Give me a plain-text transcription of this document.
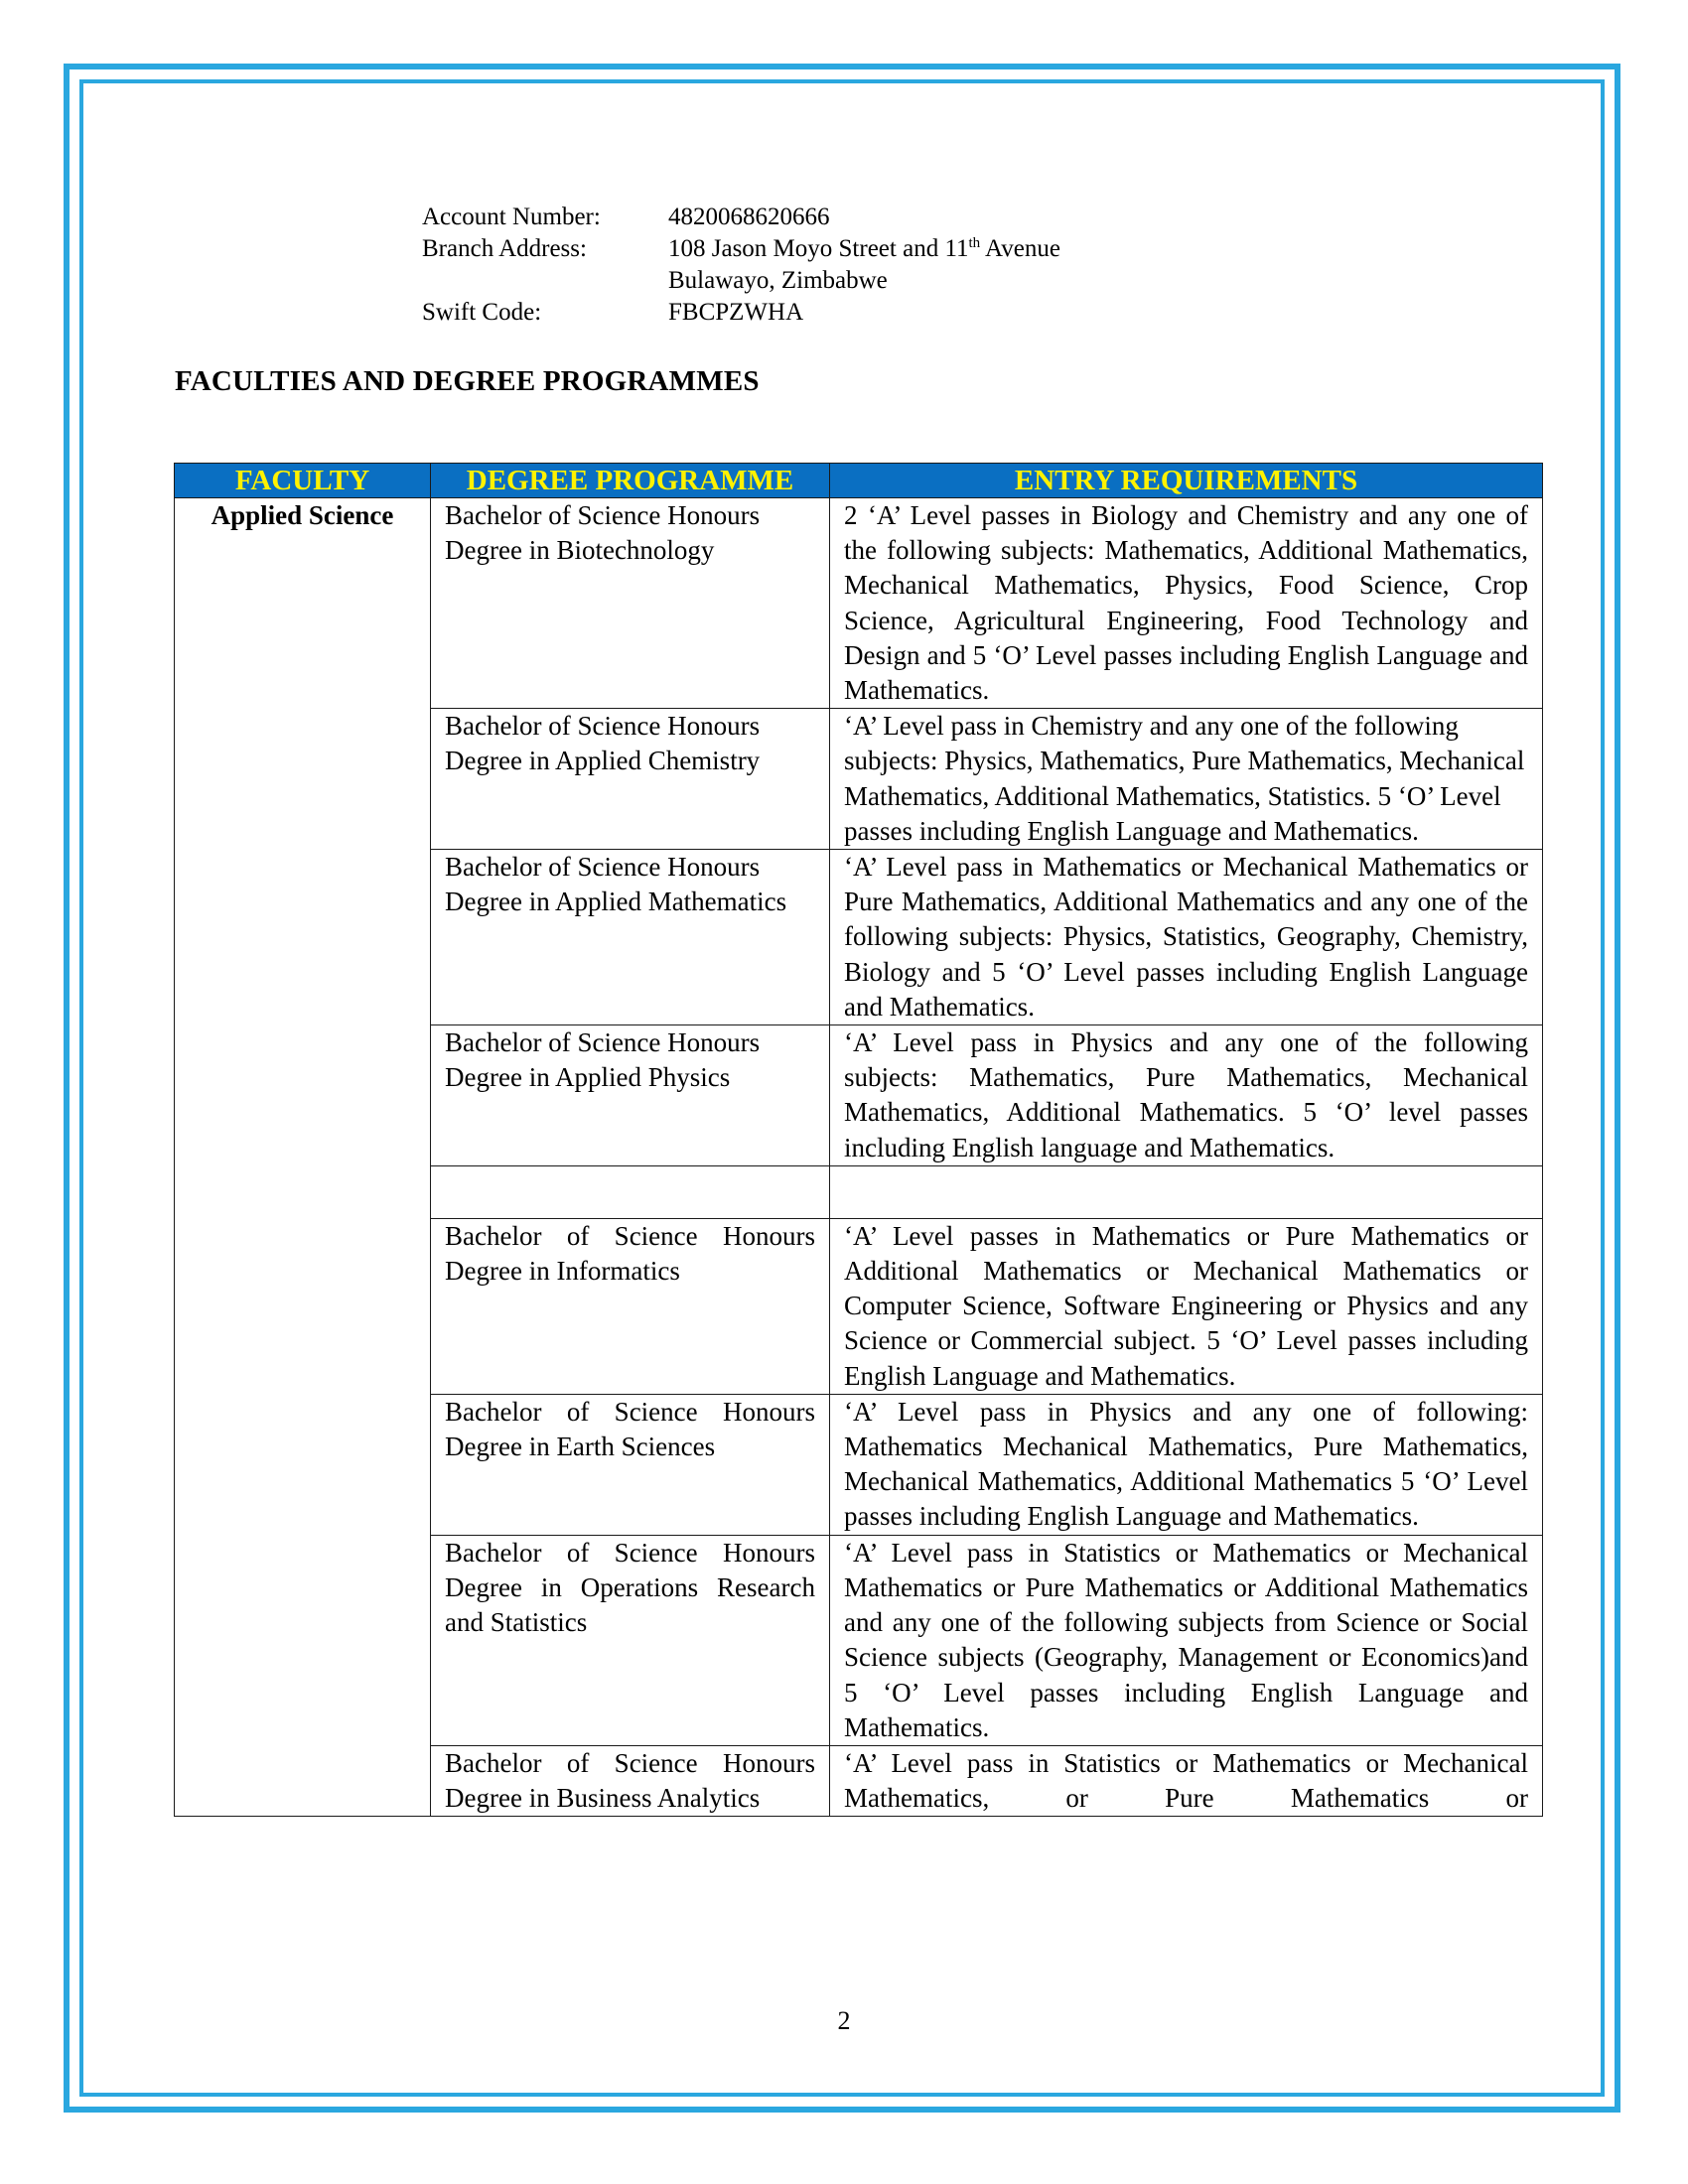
Account Number:	4820068620666
Branch Address:	108 Jason Moyo Street and 11th Avenue
Bulawayo, Zimbabwe
Swift Code:	FBCPZWHA
FACULTIES AND DEGREE PROGRAMMES
FACULTY	DEGREE PROGRAMME	ENTRY REQUIREMENTS
Applied Science	Bachelor of Science Honours Degree in Biotechnology	2 ‘A’ Level passes in Biology and Chemistry and any one of the following subjects: Mathematics, Additional Mathematics, Mechanical Mathematics, Physics, Food Science, Crop Science, Agricultural Engineering, Food Technology and Design and 5 ‘O’ Level passes including English Language and Mathematics.
	Bachelor of Science Honours Degree in Applied Chemistry	‘A’ Level pass in Chemistry and any one of the following subjects: Physics, Mathematics, Pure Mathematics, Mechanical Mathematics, Additional Mathematics, Statistics. 5 ‘O’ Level passes including English Language and Mathematics.
	Bachelor of Science Honours Degree in Applied Mathematics	‘A’ Level pass in Mathematics or Mechanical Mathematics or Pure Mathematics, Additional Mathematics and any one of the following subjects: Physics, Statistics, Geography, Chemistry, Biology and 5 ‘O’ Level passes including English Language and Mathematics.
	Bachelor of Science Honours Degree in Applied Physics	‘A’ Level pass in Physics and any one of the following subjects: Mathematics, Pure Mathematics, Mechanical Mathematics, Additional Mathematics. 5 ‘O’ level passes including English language and Mathematics.

	Bachelor of Science Honours Degree in Informatics	‘A’ Level passes in Mathematics or Pure Mathematics or Additional Mathematics or Mechanical Mathematics or Computer Science, Software Engineering or Physics and any Science or Commercial subject. 5 ‘O’ Level passes including English Language and Mathematics.
	Bachelor of Science Honours Degree in Earth Sciences	‘A’ Level pass in Physics and any one of following: Mathematics Mechanical Mathematics, Pure Mathematics, Mechanical Mathematics, Additional Mathematics 5 ‘O’ Level passes including English Language and Mathematics.
	Bachelor of Science Honours Degree in Operations Research and Statistics	‘A’ Level pass in Statistics or Mathematics or Mechanical Mathematics or Pure Mathematics or Additional Mathematics and any one of the following subjects from Science or Social Science subjects (Geography, Management or Economics)and 5 ‘O’ Level passes including English Language and Mathematics.
	Bachelor of Science Honours Degree in Business Analytics	‘A’ Level pass in Statistics or Mathematics or Mechanical Mathematics, or Pure Mathematics or
2
